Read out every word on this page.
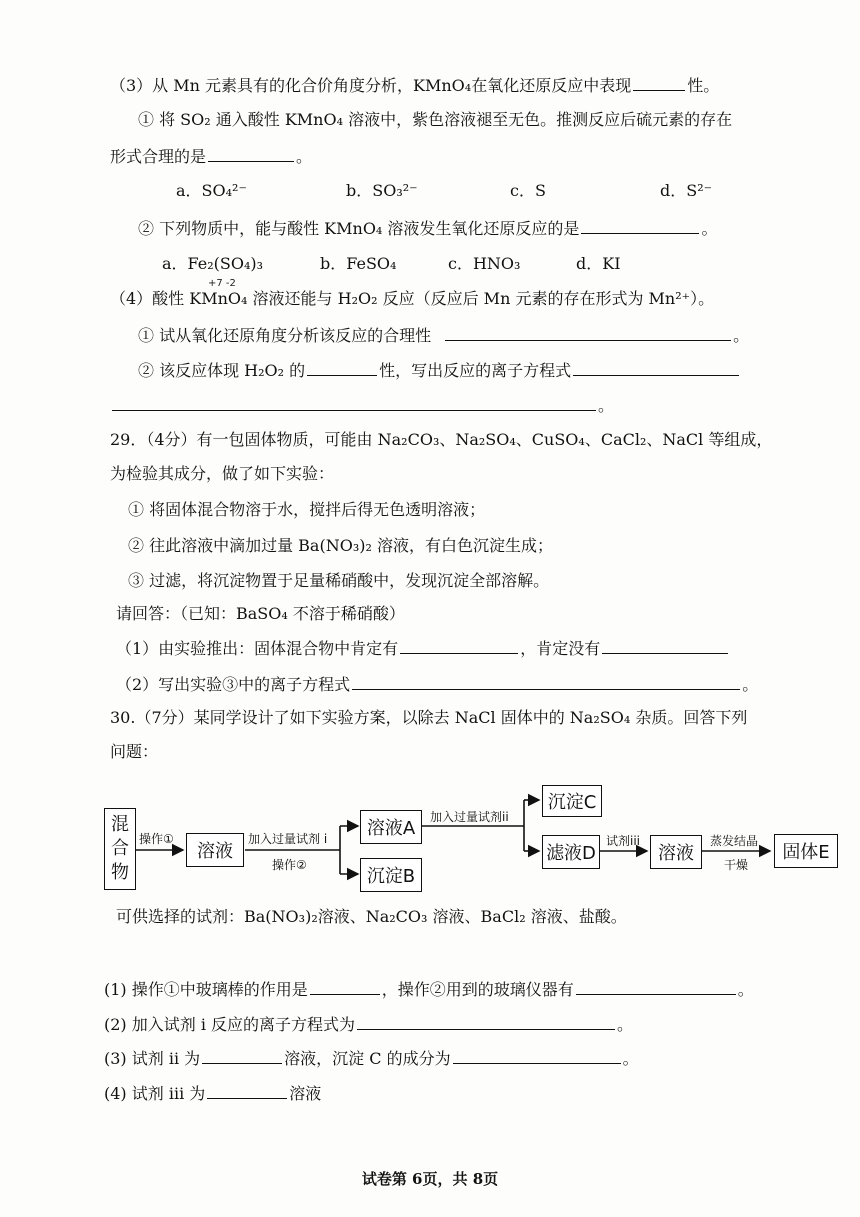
（3）从 Mn 元素具有的化合价角度分析，KMnO₄在氧化还原反应中表现	性。
① 将 SO₂ 通入酸性 KMnO₄ 溶液中，紫色溶液褪至无色。推测反应后硫元素的存在
形式合理的是	。
a．SO₄²⁻	b．SO₃²⁻	c．S	d．S²⁻
② 下列物质中，能与酸性 KMnO₄ 溶液发生氧化还原反应的是	。
a．Fe₂(SO₄)₃	b．FeSO₄	c．HNO₃	d．KI
+7 -2
（4）酸性 KMnO₄ 溶液还能与 H₂O₂ 反应（反应后 Mn 元素的存在形式为 Mn²⁺）。
① 试从氧化还原角度分析该反应的合理性	。
② 该反应体现 H₂O₂ 的	性，写出反应的离子方程式
。
29．（4分）有一包固体物质，可能由 Na₂CO₃、Na₂SO₄、CuSO₄、CaCl₂、NaCl 等组成，
为检验其成分，做了如下实验：
① 将固体混合物溶于水，搅拌后得无色透明溶液；
② 往此溶液中滴加过量 Ba(NO₃)₂ 溶液，有白色沉淀生成；
③ 过滤，将沉淀物置于足量稀硝酸中，发现沉淀全部溶解。
请回答：（已知：BaSO₄ 不溶于稀硝酸）
（1）由实验推出：固体混合物中肯定有	，肯定没有
（2）写出实验③中的离子方程式	。
30.（7分）某同学设计了如下实验方案，以除去 NaCl 固体中的 Na₂SO₄ 杂质。回答下列
问题：
混
合
物
操作①
溶液
加入过量试剂 i
操作②
溶液A
沉淀B
加入过量试剂ii
沉淀C
滤液D
试剂iii
溶液
蒸发结晶
干燥
固体E
可供选择的试剂：Ba(NO₃)₂溶液、Na₂CO₃ 溶液、BaCl₂ 溶液、盐酸。
(1) 操作①中玻璃棒的作用是	，操作②用到的玻璃仪器有	。
(2) 加入试剂 i 反应的离子方程式为	。
(3) 试剂 ii 为	溶液，沉淀 C 的成分为	。
(4) 试剂 iii 为	溶液
试卷第 6页，共 8页
